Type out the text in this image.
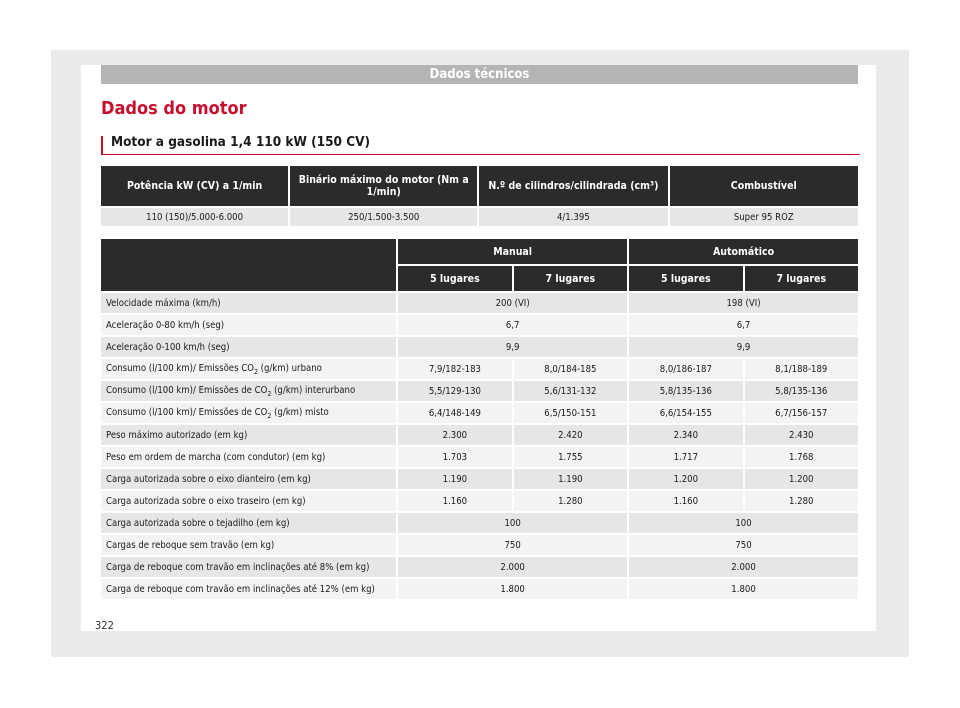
Dados técnicos
Dados do motor
Motor a gasolina 1,4 110 kW (150 CV)
Potência kW (CV) a 1/min	Binário máximo do motor (Nm a 1/min)	N.º de cilindros/cilindrada (cm³)	Combustível
110 (150)/5.000-6.000	250/1.500-3.500	4/1.395	Super 95 ROZ
	Manual		Automático	
	5 lugares	7 lugares	5 lugares	7 lugares
Velocidade máxima (km/h)	200 (VI)		198 (VI)	
Aceleração 0-80 km/h (seg)	6,7		6,7	
Aceleração 0-100 km/h (seg)	9,9		9,9	
Consumo (l/100 km)/ Emissões $CO_2$ (g/km) urbano	7,9/182-183	8,0/184-185	8,0/186-187	8,1/188-189
Consumo (l/100 km)/ Emissões de $CO_2$ (g/km) interurbano	5,5/129-130	5,6/131-132	5,8/135-136	5,8/135-136
Consumo (l/100 km)/ Emissões de $CO_2$ (g/km) misto	6,4/148-149	6,5/150-151	6,6/154-155	6,7/156-157
Peso máximo autorizado (em kg)	2.300	2.420	2.340	2.430
Peso em ordem de marcha (com condutor) (em kg)	1.703	1.755	1.717	1.768
Carga autorizada sobre o eixo dianteiro (em kg)	1.190	1.190	1.200	1.200
Carga autorizada sobre o eixo traseiro (em kg)	1.160	1.280	1.160	1.280
Carga autorizada sobre o tejadilho (em kg)	100		100	
Cargas de reboque sem travão (em kg)	750		750	
Carga de reboque com travão em inclinações até 8% (em kg)	2.000		2.000	
Carga de reboque com travão em inclinações até 12% (em kg)	1.800		1.800	
322
